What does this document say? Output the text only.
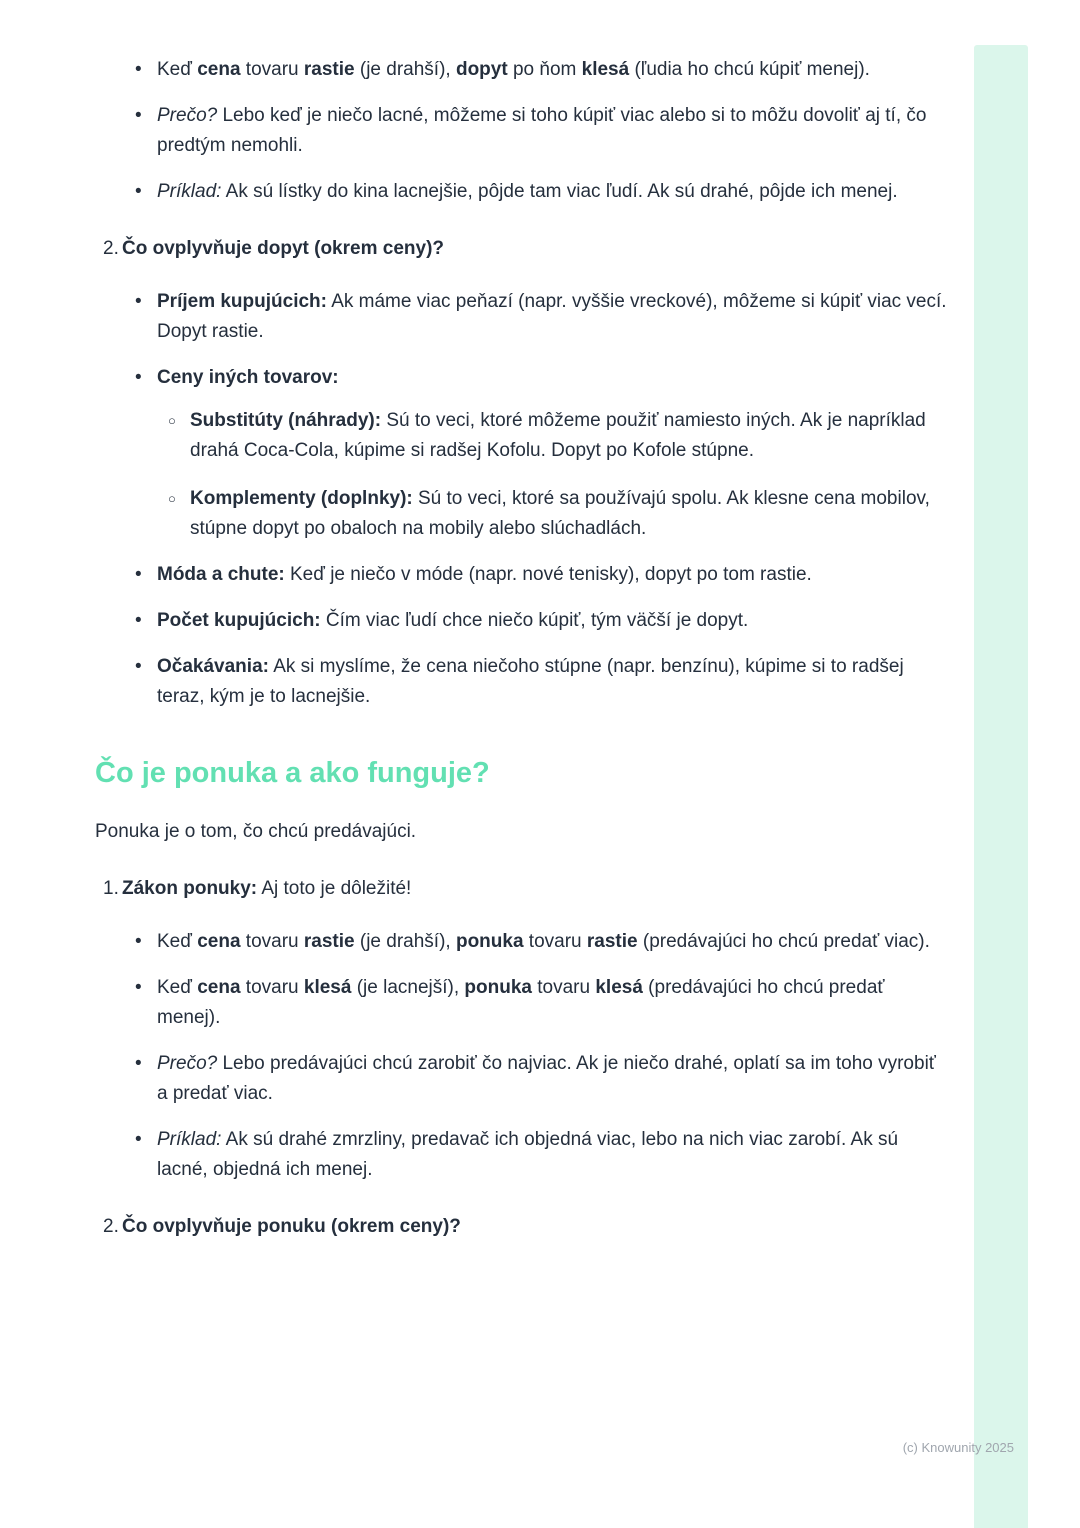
• Keď cena tovaru rastie (je drahší), dopyt po ňom klesá (ľudia ho chcú kúpiť menej).
• Prečo? Lebo keď je niečo lacné, môžeme si toho kúpiť viac alebo si to môžu dovoliť aj tí, čo predtým nemohli.
• Príklad: Ak sú lístky do kina lacnejšie, pôjde tam viac ľudí. Ak sú drahé, pôjde ich menej.
2. Čo ovplyvňuje dopyt (okrem ceny)?
• Príjem kupujúcich: Ak máme viac peňazí (napr. vyššie vreckové), môžeme si kúpiť viac vecí. Dopyt rastie.
• Ceny iných tovarov:
○ Substitúty (náhrady): Sú to veci, ktoré môžeme použiť namiesto iných. Ak je napríklad drahá Coca-Cola, kúpime si radšej Kofolu. Dopyt po Kofole stúpne.
○ Komplementy (doplnky): Sú to veci, ktoré sa používajú spolu. Ak klesne cena mobilov, stúpne dopyt po obaloch na mobily alebo slúchadlách.
• Móda a chute: Keď je niečo v móde (napr. nové tenisky), dopyt po tom rastie.
• Počet kupujúcich: Čím viac ľudí chce niečo kúpiť, tým väčší je dopyt.
• Očakávania: Ak si myslíme, že cena niečoho stúpne (napr. benzínu), kúpime si to radšej teraz, kým je to lacnejšie.
Čo je ponuka a ako funguje?

Ponuka je o tom, čo chcú predávajúci.

1. Zákon ponuky: Aj toto je dôležité!
• Keď cena tovaru rastie (je drahší), ponuka tovaru rastie (predávajúci ho chcú predať viac).
• Keď cena tovaru klesá (je lacnejší), ponuka tovaru klesá (predávajúci ho chcú predať menej).
• Prečo? Lebo predávajúci chcú zarobiť čo najviac. Ak je niečo drahé, oplatí sa im toho vyrobiť a predať viac.
• Príklad: Ak sú drahé zmrzliny, predavač ich objedná viac, lebo na nich viac zarobí. Ak sú lacné, objedná ich menej.
2. Čo ovplyvňuje ponuku (okrem ceny)?
(c) Knowunity 2025
